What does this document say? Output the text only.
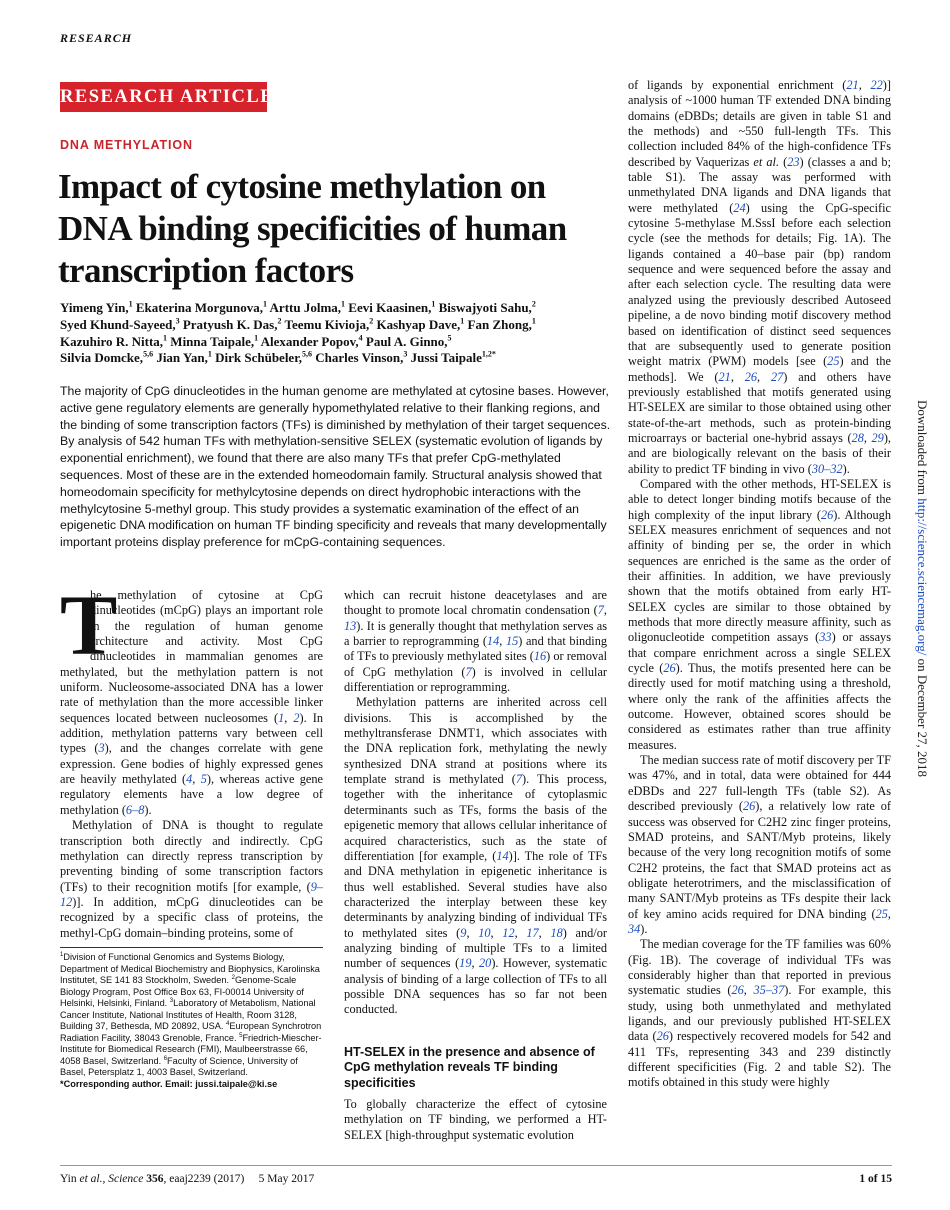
RESEARCH
RESEARCH ARTICLE
DNA METHYLATION
Impact of cytosine methylation on DNA binding specificities of human transcription factors
Yimeng Yin,$^1$ Ekaterina Morgunova,$^1$ Arttu Jolma,$^1$ Eevi Kaasinen,$^1$ Biswajyoti Sahu,$^2$
Syed Khund-Sayeed,$^3$ Pratyush K. Das,$^2$ Teemu Kivioja,$^2$ Kashyap Dave,$^1$ Fan Zhong,$^1$
Kazuhiro R. Nitta,$^1$ Minna Taipale,$^1$ Alexander Popov,$^4$ Paul A. Ginno,$^5$
Silvia Domcke,$^{5,6}$ Jian Yan,$^1$ Dirk Schübeler,$^{5,6}$ Charles Vinson,$^3$ Jussi Taipale$^{1,2*}$
The majority of CpG dinucleotides in the human genome are methylated at cytosine bases. However, active gene regulatory elements are generally hypomethylated relative to their flanking regions, and the binding of some transcription factors (TFs) is diminished by methylation of their target sequences. By analysis of 542 human TFs with methylation-sensitive SELEX (systematic evolution of ligands by exponential enrichment), we found that there are also many TFs that prefer CpG-methylated sequences. Most of these are in the extended homeodomain family. Structural analysis showed that homeodomain specificity for methylcytosine depends on direct hydrophobic interactions with the methylcytosine 5-methyl group. This study provides a systematic examination of the effect of an epigenetic DNA modification on human TF binding specificity and reveals that many developmentally important proteins display preference for mCpG-containing sequences.

T
he methylation of cytosine at CpG dinucleotides (mCpG) plays an important role in the regulation of human genome architecture and activity. Most CpG dinucleotides in mammalian genomes are methylated, but the methylation pattern is not uniform. Nucleosome-associated DNA has a lower rate of methylation than the more accessible linker sequences located between nucleosomes (1, 2). In addition, methylation patterns vary between cell types (3), and the changes correlate with gene expression. Gene bodies of highly expressed genes are heavily methylated (4, 5), whereas active gene regulatory elements have a low degree of methylation (6–8).

Methylation of DNA is thought to regulate transcription both directly and indirectly. CpG methylation can directly repress transcription by preventing binding of some transcription factors (TFs) to their recognition motifs [for example, (9–12)]. In addition, mCpG dinucleotides can be recognized by a specific class of proteins, the methyl-CpG domain–binding proteins, some of

which can recruit histone deacetylases and are thought to promote local chromatin condensation (7, 13). It is generally thought that methylation serves as a barrier to reprogramming (14, 15) and that binding of TFs to previously methylated sites (16) or removal of CpG methylation (7) is involved in cellular differentiation or reprogramming.

Methylation patterns are inherited across cell divisions. This is accomplished by the methyltransferase DNMT1, which associates with the DNA replication fork, methylating the newly synthesized DNA strand at positions where its template strand is methylated (7). This process, together with the inheritance of cytoplasmic determinants such as TFs, forms the basis of the epigenetic memory that allows cellular inheritance of acquired characteristics, such as the state of differentiation [for example, (14)]. The role of TFs and DNA methylation in epigenetic inheritance is thus well established. Several studies have also characterized the interplay between these key determinants by analyzing binding of individual TFs to methylated sites (9, 10, 12, 17, 18) and/or analyzing binding of multiple TFs to a limited number of sequences (19, 20). However, systematic analysis of binding of a large collection of TFs to all possible DNA sequences has so far not been conducted.

$^1$Division of Functional Genomics and Systems Biology, Department of Medical Biochemistry and Biophysics, Karolinska Institutet, SE 141 83 Stockholm, Sweden. $^2$Genome-Scale Biology Program, Post Office Box 63, FI-00014 University of Helsinki, Helsinki, Finland. $^3$Laboratory of Metabolism, National Cancer Institute, National Institutes of Health, Room 3128, Building 37, Bethesda, MD 20892, USA. $^4$European Synchrotron Radiation Facility, 38043 Grenoble, France. $^5$Friedrich-Miescher-Institute for Biomedical Research (FMI), Maulbeerstrasse 66, 4058 Basel, Switzerland. $^6$Faculty of Science, University of Basel, Petersplatz 1, 4003 Basel, Switzerland.
*Corresponding author. Email: jussi.taipale@ki.se
HT-SELEX in the presence and absence of CpG methylation reveals TF binding specificities

To globally characterize the effect of cytosine methylation on TF binding, we performed a HT-SELEX [high-throughput systematic evolution

of ligands by exponential enrichment (21, 22)] analysis of ~1000 human TF extended DNA binding domains (eDBDs; details are given in table S1 and the methods) and ~550 full-length TFs. This collection included 84% of the high-confidence TFs described by Vaquerizas et al. (23) (classes a and b; table S1). The assay was performed with unmethylated DNA ligands and DNA ligands that were methylated (24) using the CpG-specific cytosine 5-methylase M.SssI before each selection cycle (see the methods for details; Fig. 1A). The ligands contained a 40–base pair (bp) random sequence and were sequenced before the assay and after each selection cycle. The resulting data were analyzed using the previously described Autoseed pipeline, a de novo binding motif discovery method based on identification of distinct seed sequences that are subsequently used to generate position weight matrix (PWM) models [see (25) and the methods]. We (21, 26, 27) and others have previously established that motifs generated using HT-SELEX are similar to those obtained using other state-of-the-art methods, such as protein-binding microarrays or bacterial one-hybrid assays (28, 29), and are biologically relevant on the basis of their ability to predict TF binding in vivo (30–32).

Compared with the other methods, HT-SELEX is able to detect longer binding motifs because of the high complexity of the input library (26). Although SELEX measures enrichment of sequences and not affinity of binding per se, the order in which sequences are enriched is the same as the order of their affinities. In addition, we have previously shown that the motifs obtained from early HT-SELEX cycles are similar to those obtained by methods that more directly measure affinity, such as oligonucleotide competition assays (33) or assays that compare enrichment across a single SELEX cycle (26). Thus, the motifs presented here can be directly used for motif matching using a threshold, where only the rank of the affinities affects the outcome. However, obtained scores should be considered as estimates rather than true affinity measures.

The median success rate of motif discovery per TF was 47%, and in total, data were obtained for 444 eDBDs and 227 full-length TFs (table S2). As described previously (26), a relatively low rate of success was observed for C2H2 zinc finger proteins, SMAD proteins, and SANT/Myb proteins, likely because of the very long recognition motifs of some C2H2 proteins, the fact that SMAD proteins act as obligate heterotrimers, and the misclassification of many SANT/Myb proteins as TFs despite their lack of key amino acids required for DNA binding (25, 34).

The median coverage for the TF families was 60% (Fig. 1B). The coverage of individual TFs was considerably higher than that reported in previous systematic studies (26, 35–37). For example, this study, using both unmethylated and methylated ligands, and our previously published HT-SELEX data (26) respectively recovered models for 542 and 411 TFs, representing 343 and 239 distinctly different specificities (Fig. 2 and table S2). The motifs obtained in this study were highly

Downloaded from http://science.sciencemag.org/ on December 27, 2018
Yin et al., Science 356, eaaj2239 (2017)     5 May 2017	1 of 15
